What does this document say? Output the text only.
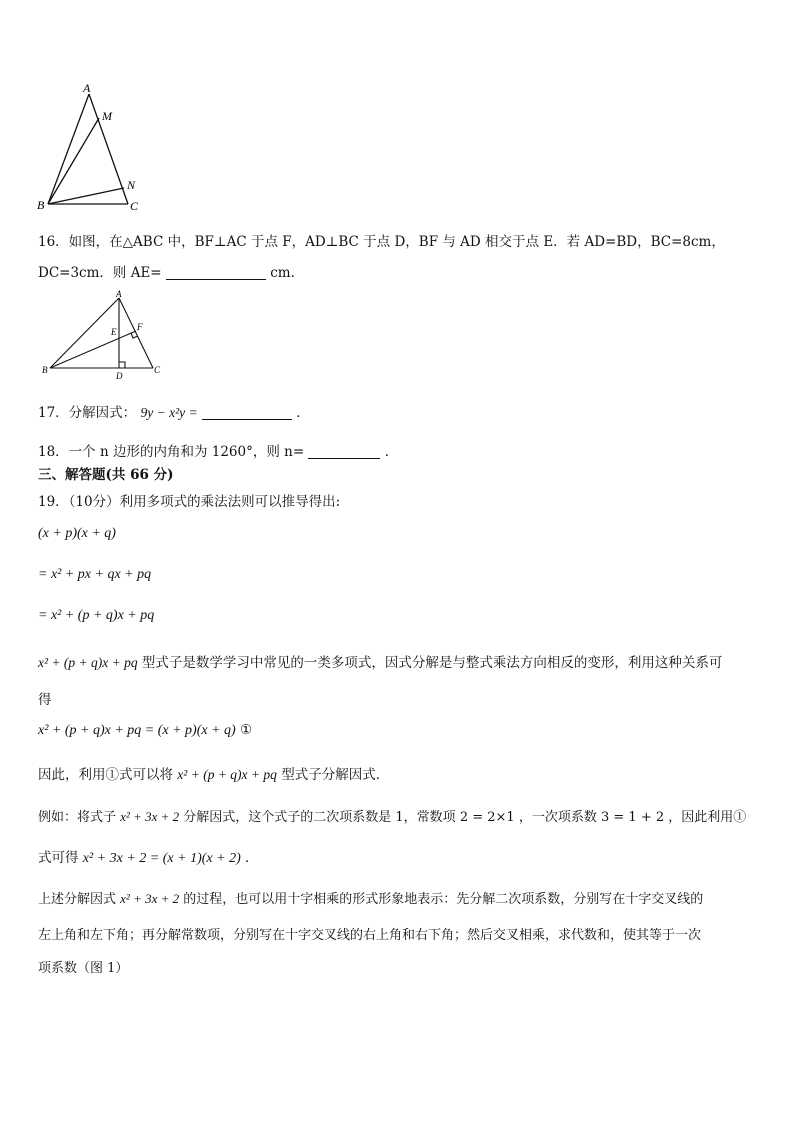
A
M
N
B	C
16．如图，在△ABC 中，BF⊥AC 于点 F，AD⊥BC 于点 D，BF 与 AD 相交于点 E．若 AD=BD，BC=8cm，
DC=3cm．则 AE=	cm．
A
E F
B
D
C
17．分解因式： 9y − x²y =	．
18．一个 n 边形的内角和为 1260°，则 n=	．
三、解答题(共 66 分)
19．（10分）利用多项式的乘法法则可以推导得出:
(x + p)(x + q)
= x² + px + qx + pq
= x² + (p + q)x + pq
x² + (p + q)x + pq 型式子是数学学习中常见的一类多项式，因式分解是与整式乘法方向相反的变形，利用这种关系可
得
x² + (p + q)x + pq = (x + p)(x + q) ①
因此，利用①式可以将 x² + (p + q)x + pq 型式子分解因式．
例如：将式子 x² + 3x + 2 分解因式，这个式子的二次项系数是 1，常数项 2 = 2×1 ，一次项系数 3 = 1 + 2 ，因此利用①
式可得 x² + 3x + 2 = (x + 1)(x + 2) ．
上述分解因式 x² + 3x + 2 的过程，也可以用十字相乘的形式形象地表示：先分解二次项系数，分别写在十字交叉线的
左上角和左下角；再分解常数项，分别写在十字交叉线的右上角和右下角；然后交叉相乘，求代数和，使其等于一次
项系数（图 1）
